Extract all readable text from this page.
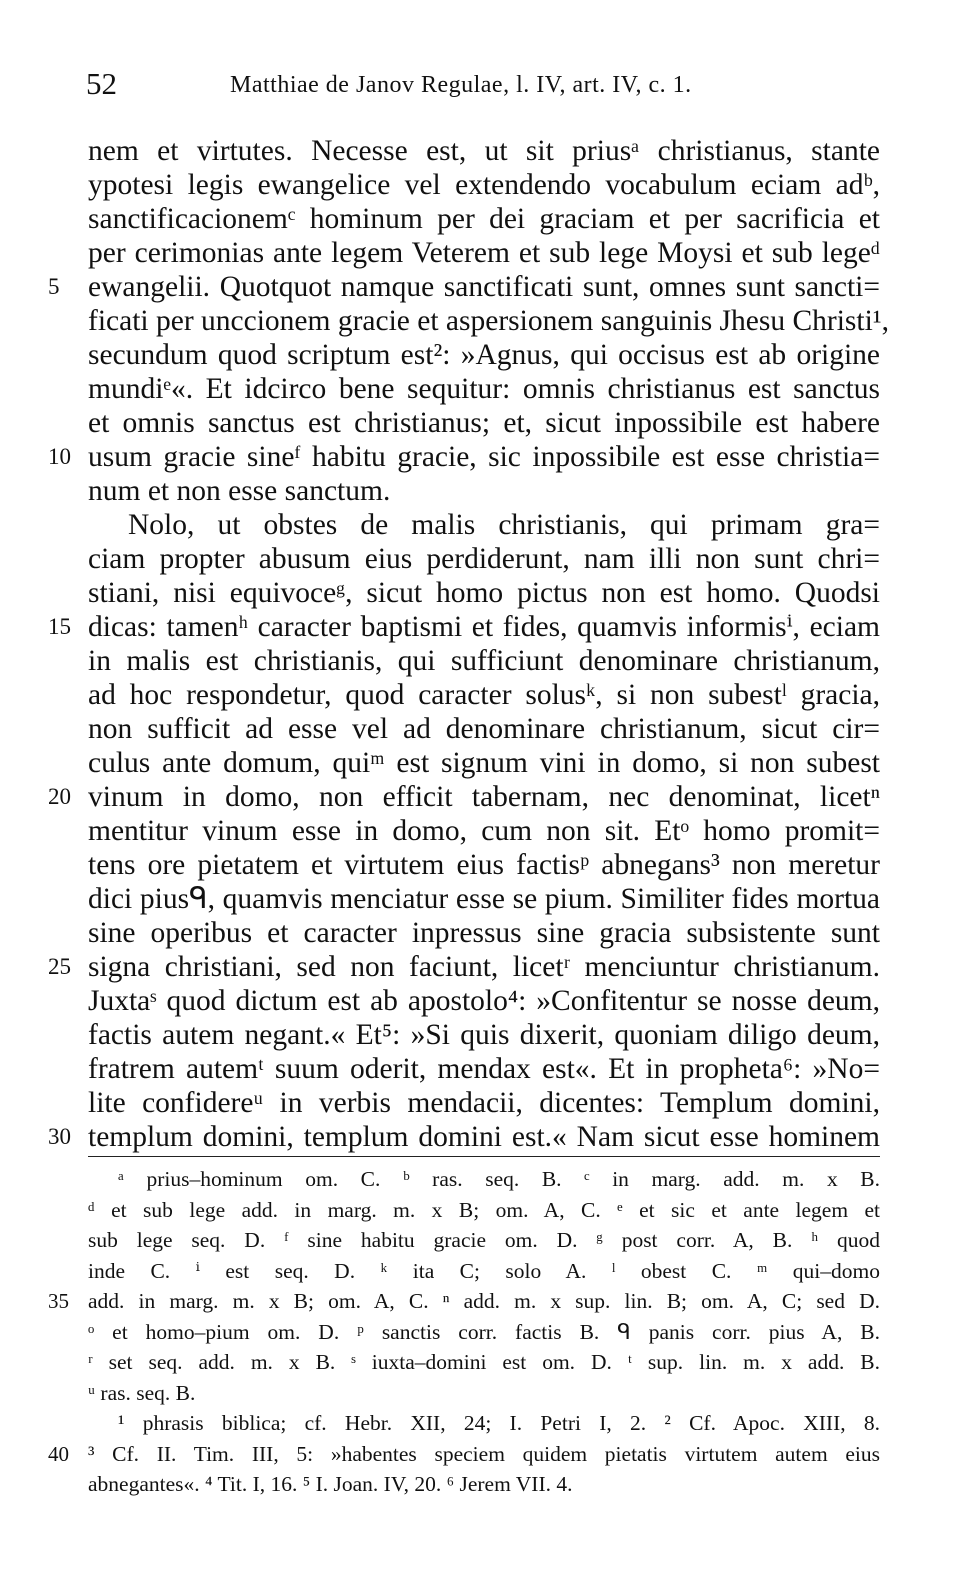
52	Matthiae de Janov Regulae, l. IV, art. IV, c. 1.
nem et virtutes. Necesse est, ut sit priusᵃ christianus, stante
ypotesi legis ewangelice vel extendendo vocabulum eciam adᵇ,
sanctificacionemᶜ hominum per dei graciam et per sacrificia et
per cerimonias ante legem Veterem et sub lege Moysi et sub legeᵈ
5 ewangelii. Quotquot namque sanctificati sunt, omnes sunt sancti=
ficati per unccionem gracie et aspersionem sanguinis Jhesu Christi¹,
secundum quod scriptum est²: »Agnus, qui occisus est ab origine
mundiᵉ«. Et idcirco bene sequitur: omnis christianus est sanctus
et omnis sanctus est christianus; et, sicut inpossibile est habere
10 usum gracie sineᶠ habitu gracie, sic inpossibile est esse christia=
num et non esse sanctum.
Nolo, ut obstes de malis christianis, qui primam gra=
ciam propter abusum eius perdiderunt, nam illi non sunt chri=
stiani, nisi equivoceᵍ, sicut homo pictus non est homo. Quodsi
15 dicas: tamenʰ caracter baptismi et fides, quamvis informisⁱ, eciam
in malis est christianis, qui sufficiunt denominare christianum,
ad hoc respondetur, quod caracter solusᵏ, si non subestˡ gracia,
non sufficit ad esse vel ad denominare christianum, sicut cir=
culus ante domum, quiᵐ est signum vini in domo, si non subest
20 vinum in domo, non efficit tabernam, nec denominat, licetⁿ
mentitur vinum esse in domo, cum non sit. Etᵒ homo promit=
tens ore pietatem et virtutem eius factisᵖ abnegans³ non meretur
dici piusᑫ, quamvis menciatur esse se pium. Similiter fides mortua
sine operibus et caracter inpressus sine gracia subsistente sunt
25 signa christiani, sed non faciunt, licetʳ menciuntur christianum.
Juxtaˢ quod dictum est ab apostolo⁴: »Confitentur se nosse deum,
factis autem negant.« Et⁵: »Si quis dixerit, quoniam diligo deum,
fratrem autemᵗ suum oderit, mendax est«. Et in propheta⁶: »No=
lite confidereᵘ in verbis mendacii, dicentes: Templum domini,
30 templum domini, templum domini est.« Nam sicut esse hominem
ᵃ prius–hominum om. C. ᵇ ras. seq. B. ᶜ in marg. add. m. x B.
ᵈ et sub lege add. in marg. m. x B; om. A, C. ᵉ et sic et ante legem et
sub lege seq. D. ᶠ sine habitu gracie om. D. ᵍ post corr. A, B. ʰ quod
inde C. ⁱ est seq. D. ᵏ ita C; solo A. ˡ obest C. ᵐ qui–domo
35 add. in marg. m. x B; om. A, C. ⁿ add. m. x sup. lin. B; om. A, C; sed D.
ᵒ et homo–pium om. D. ᵖ sanctis corr. factis B. ᑫ panis corr. pius A, B.
ʳ set seq. add. m. x B. ˢ iuxta–domini est om. D. ᵗ sup. lin. m. x add. B.
ᵘ ras. seq. B.
¹ phrasis biblica; cf. Hebr. XII, 24; I. Petri I, 2. ² Cf. Apoc. XIII, 8.
40 ³ Cf. II. Tim. III, 5: »habentes speciem quidem pietatis virtutem autem eius
abnegantes«. ⁴ Tit. I, 16. ⁵ I. Joan. IV, 20. ⁶ Jerem VII. 4.
